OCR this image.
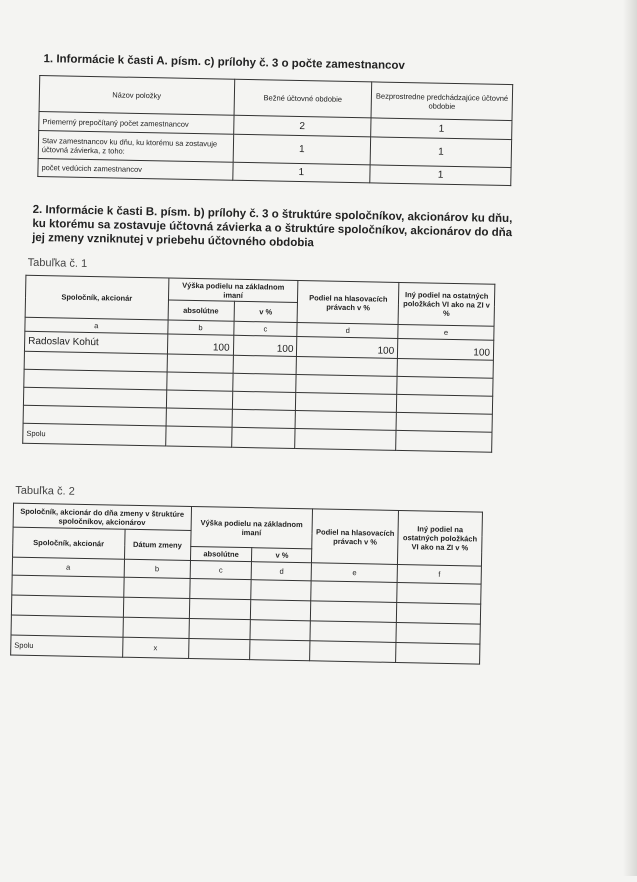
1. Informácie k časti A. písm. c) prílohy č. 3 o počte zamestnancov
Názov položky	Bežné účtovné obdobie	Bezprostredne predchádzajúce účtovné obdobie
Priemerný prepočítaný počet zamestnancov	2	1
Stav zamestnancov ku dňu, ku ktorému sa zostavuje účtovná závierka, z toho:	1	1
počet vedúcich zamestnancov	1	1
2. Informácie k časti B. písm. b) prílohy č. 3 o štruktúre spoločníkov, akcionárov ku dňu, ku ktorému sa zostavuje účtovná závierka a o štruktúre spoločníkov, akcionárov do dňa jej zmeny vzniknutej v priebehu účtovného obdobia
Tabuľka č. 1
Spoločník, akcionár	Výška podielu na základnom imaní		Podiel na hlasovacích právach v %	Iný podiel na ostatných položkách VI ako na ZI v %
	absolútne	v %		
a	b	c	d	e
Radoslav Kohút	100	100	100	100

Spolu				
Tabuľka č. 2
Spoločník, akcionár do dňa zmeny v štruktúre spoločníkov, akcionárov		Výška podielu na základnom imaní		Podiel na hlasovacích právach v %	Iný podiel na ostatných položkách VI ako na ZI v %
Spoločník, akcionár	Dátum zmeny				
		absolútne	v %		
a	b	c	d	e	f

Spolu	x				
